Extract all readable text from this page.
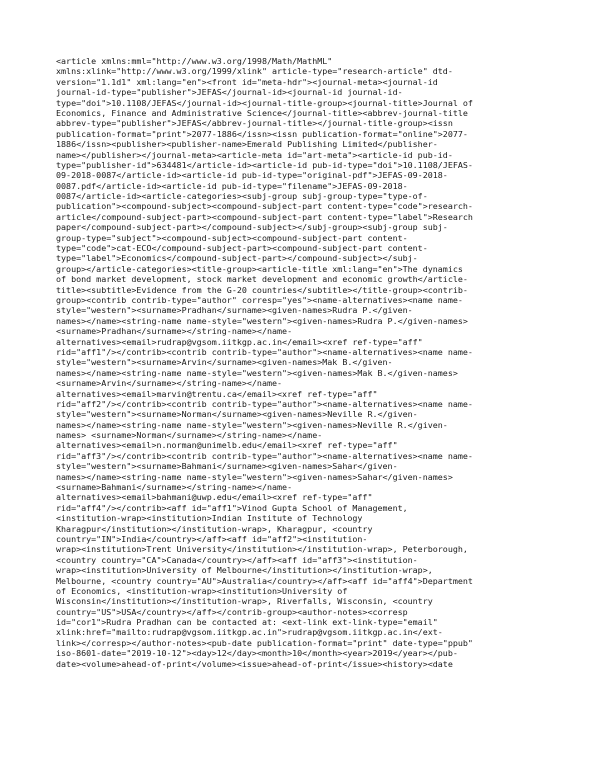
<article xmlns:mml="http://www.w3.org/1998/Math/MathML"
xmlns:xlink="http://www.w3.org/1999/xlink" article-type="research-article" dtd-
version="1.1d1" xml:lang="en"><front id="meta-hdr"><journal-meta><journal-id
journal-id-type="publisher">JEFAS</journal-id><journal-id journal-id-
type="doi">10.1108/JEFAS</journal-id><journal-title-group><journal-title>Journal of
Economics, Finance and Administrative Science</journal-title><abbrev-journal-title
abbrev-type="publisher">JEFAS</abbrev-journal-title></journal-title-group><issn
publication-format="print">2077-1886</issn><issn publication-format="online">2077-
1886</issn><publisher><publisher-name>Emerald Publishing Limited</publisher-
name></publisher></journal-meta><article-meta id="art-meta"><article-id pub-id-
type="publisher-id">634481</article-id><article-id pub-id-type="doi">10.1108/JEFAS-
09-2018-0087</article-id><article-id pub-id-type="original-pdf">JEFAS-09-2018-
0087.pdf</article-id><article-id pub-id-type="filename">JEFAS-09-2018-
0087</article-id><article-categories><subj-group subj-group-type="type-of-
publication"><compound-subject><compound-subject-part content-type="code">research-
article</compound-subject-part><compound-subject-part content-type="label">Research
paper</compound-subject-part></compound-subject></subj-group><subj-group subj-
group-type="subject"><compound-subject><compound-subject-part content-
type="code">cat-ECO</compound-subject-part><compound-subject-part content-
type="label">Economics</compound-subject-part></compound-subject></subj-
group></article-categories><title-group><article-title xml:lang="en">The dynamics
of bond market development, stock market development and economic growth</article-
title><subtitle>Evidence from the G-20 countries</subtitle></title-group><contrib-
group><contrib contrib-type="author" corresp="yes"><name-alternatives><name name-
style="western"><surname>Pradhan</surname><given-names>Rudra P.</given-
names></name><string-name name-style="western"><given-names>Rudra P.</given-names>
<surname>Pradhan</surname></string-name></name-
alternatives><email>rudrap@vgsom.iitkgp.ac.in</email><xref ref-type="aff"
rid="aff1"/></contrib><contrib contrib-type="author"><name-alternatives><name name-
style="western"><surname>Arvin</surname><given-names>Mak B.</given-
names></name><string-name name-style="western"><given-names>Mak B.</given-names>
<surname>Arvin</surname></string-name></name-
alternatives><email>marvin@trentu.ca</email><xref ref-type="aff"
rid="aff2"/></contrib><contrib contrib-type="author"><name-alternatives><name name-
style="western"><surname>Norman</surname><given-names>Neville R.</given-
names></name><string-name name-style="western"><given-names>Neville R.</given-
names> <surname>Norman</surname></string-name></name-
alternatives><email>n.norman@unimelb.edu</email><xref ref-type="aff"
rid="aff3"/></contrib><contrib contrib-type="author"><name-alternatives><name name-
style="western"><surname>Bahmani</surname><given-names>Sahar</given-
names></name><string-name name-style="western"><given-names>Sahar</given-names>
<surname>Bahmani</surname></string-name></name-
alternatives><email>bahmani@uwp.edu</email><xref ref-type="aff"
rid="aff4"/></contrib><aff id="aff1">Vinod Gupta School of Management,
<institution-wrap><institution>Indian Institute of Technology
Kharagpur</institution></institution-wrap>, Kharagpur, <country
country="IN">India</country></aff><aff id="aff2"><institution-
wrap><institution>Trent University</institution></institution-wrap>, Peterborough,
<country country="CA">Canada</country></aff><aff id="aff3"><institution-
wrap><institution>University of Melbourne</institution></institution-wrap>,
Melbourne, <country country="AU">Australia</country></aff><aff id="aff4">Department
of Economics, <institution-wrap><institution>University of
Wisconsin</institution></institution-wrap>, Riverfalls, Wisconsin, <country
country="US">USA</country></aff></contrib-group><author-notes><corresp
id="cor1">Rudra Pradhan can be contacted at: <ext-link ext-link-type="email"
xlink:href="mailto:rudrap@vgsom.iitkgp.ac.in">rudrap@vgsom.iitkgp.ac.in</ext-
link></corresp></author-notes><pub-date publication-format="print" date-type="ppub"
iso-8601-date="2019-10-12"><day>12</day><month>10</month><year>2019</year></pub-
date><volume>ahead-of-print</volume><issue>ahead-of-print</issue><history><date
